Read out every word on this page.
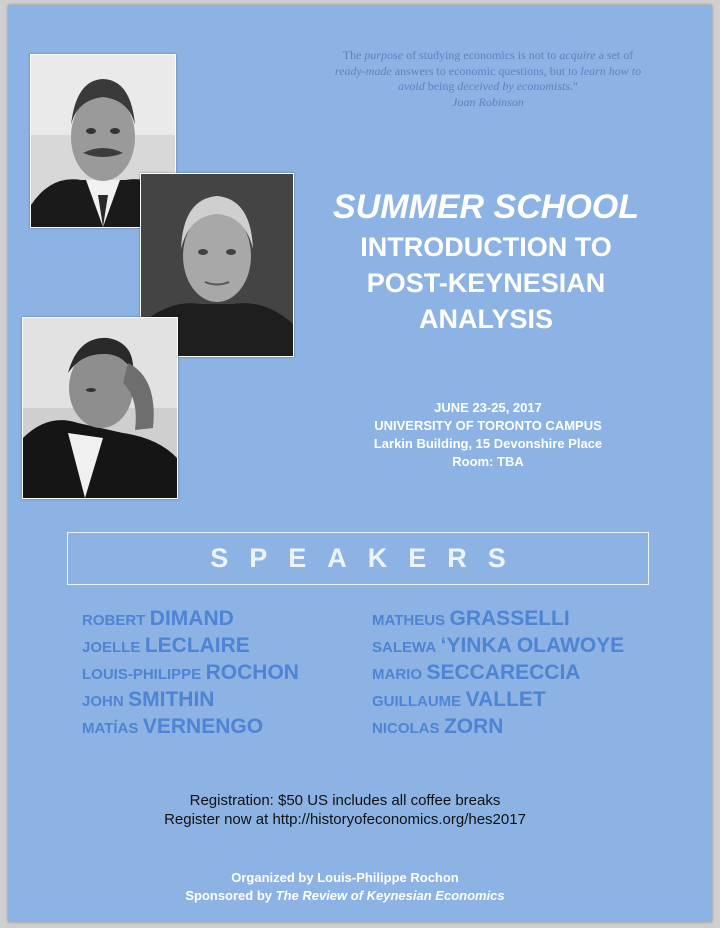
The purpose of studying economics is not to acquire a set of ready-made answers to economic questions, but to learn how to avoid being deceived by economists."
Joan Robinson
SUMMER SCHOOL
INTRODUCTION TO
POST-KEYNESIAN
ANALYSIS
JUNE 23-25, 2017
UNIVERSITY OF TORONTO CAMPUS
Larkin Building, 15 Devonshire Place
Room: TBA
SPEAKERS
ROBERT DIMAND
JOELLE LECLAIRE
LOUIS-PHILIPPE ROCHON
JOHN SMITHIN
MATÍAS VERNENGO
MATHEUS GRASSELLI
SALEWA ‘YINKA OLAWOYE
MARIO SECCARECCIA
GUILLAUME VALLET
NICOLAS ZORN
Registration: $50 US includes all coffee breaks
Register now at http://historyofeconomics.org/hes2017
Organized by Louis-Philippe Rochon
Sponsored by The Review of Keynesian Economics
